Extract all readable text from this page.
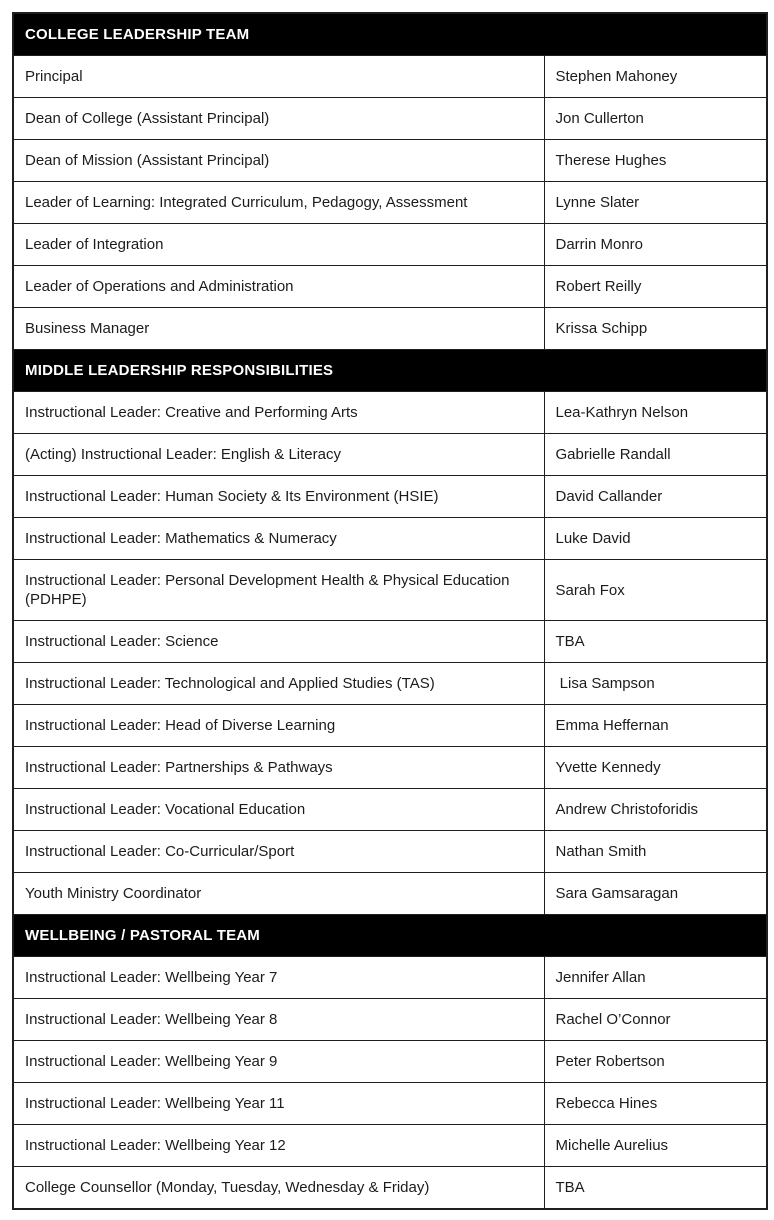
COLLEGE LEADERSHIP TEAM	
Principal	Stephen Mahoney
Dean of College (Assistant Principal)	Jon Cullerton
Dean of Mission (Assistant Principal)	Therese Hughes
Leader of Learning: Integrated Curriculum, Pedagogy, Assessment	Lynne Slater
Leader of Integration	Darrin Monro
Leader of Operations and Administration	Robert Reilly
Business Manager	Krissa Schipp
MIDDLE LEADERSHIP RESPONSIBILITIES	
Instructional Leader: Creative and Performing Arts	Lea-Kathryn Nelson
(Acting) Instructional Leader: English & Literacy	Gabrielle Randall
Instructional Leader: Human Society & Its Environment (HSIE)	David Callander
Instructional Leader: Mathematics & Numeracy	Luke David
Instructional Leader: Personal Development Health & Physical Education (PDHPE)	Sarah Fox
Instructional Leader: Science	TBA
Instructional Leader: Technological and Applied Studies (TAS)	Lisa Sampson
Instructional Leader: Head of Diverse Learning	Emma Heffernan
Instructional Leader: Partnerships & Pathways	Yvette Kennedy
Instructional Leader: Vocational Education	Andrew Christoforidis
Instructional Leader: Co-Curricular/Sport	Nathan Smith
Youth Ministry Coordinator	Sara Gamsaragan
WELLBEING / PASTORAL TEAM	
Instructional Leader: Wellbeing Year 7	Jennifer Allan
Instructional Leader: Wellbeing Year 8	Rachel O’Connor
Instructional Leader: Wellbeing Year 9	Peter Robertson
Instructional Leader: Wellbeing Year 11	Rebecca Hines
Instructional Leader: Wellbeing Year 12	Michelle Aurelius
College Counsellor (Monday, Tuesday, Wednesday & Friday)	TBA
